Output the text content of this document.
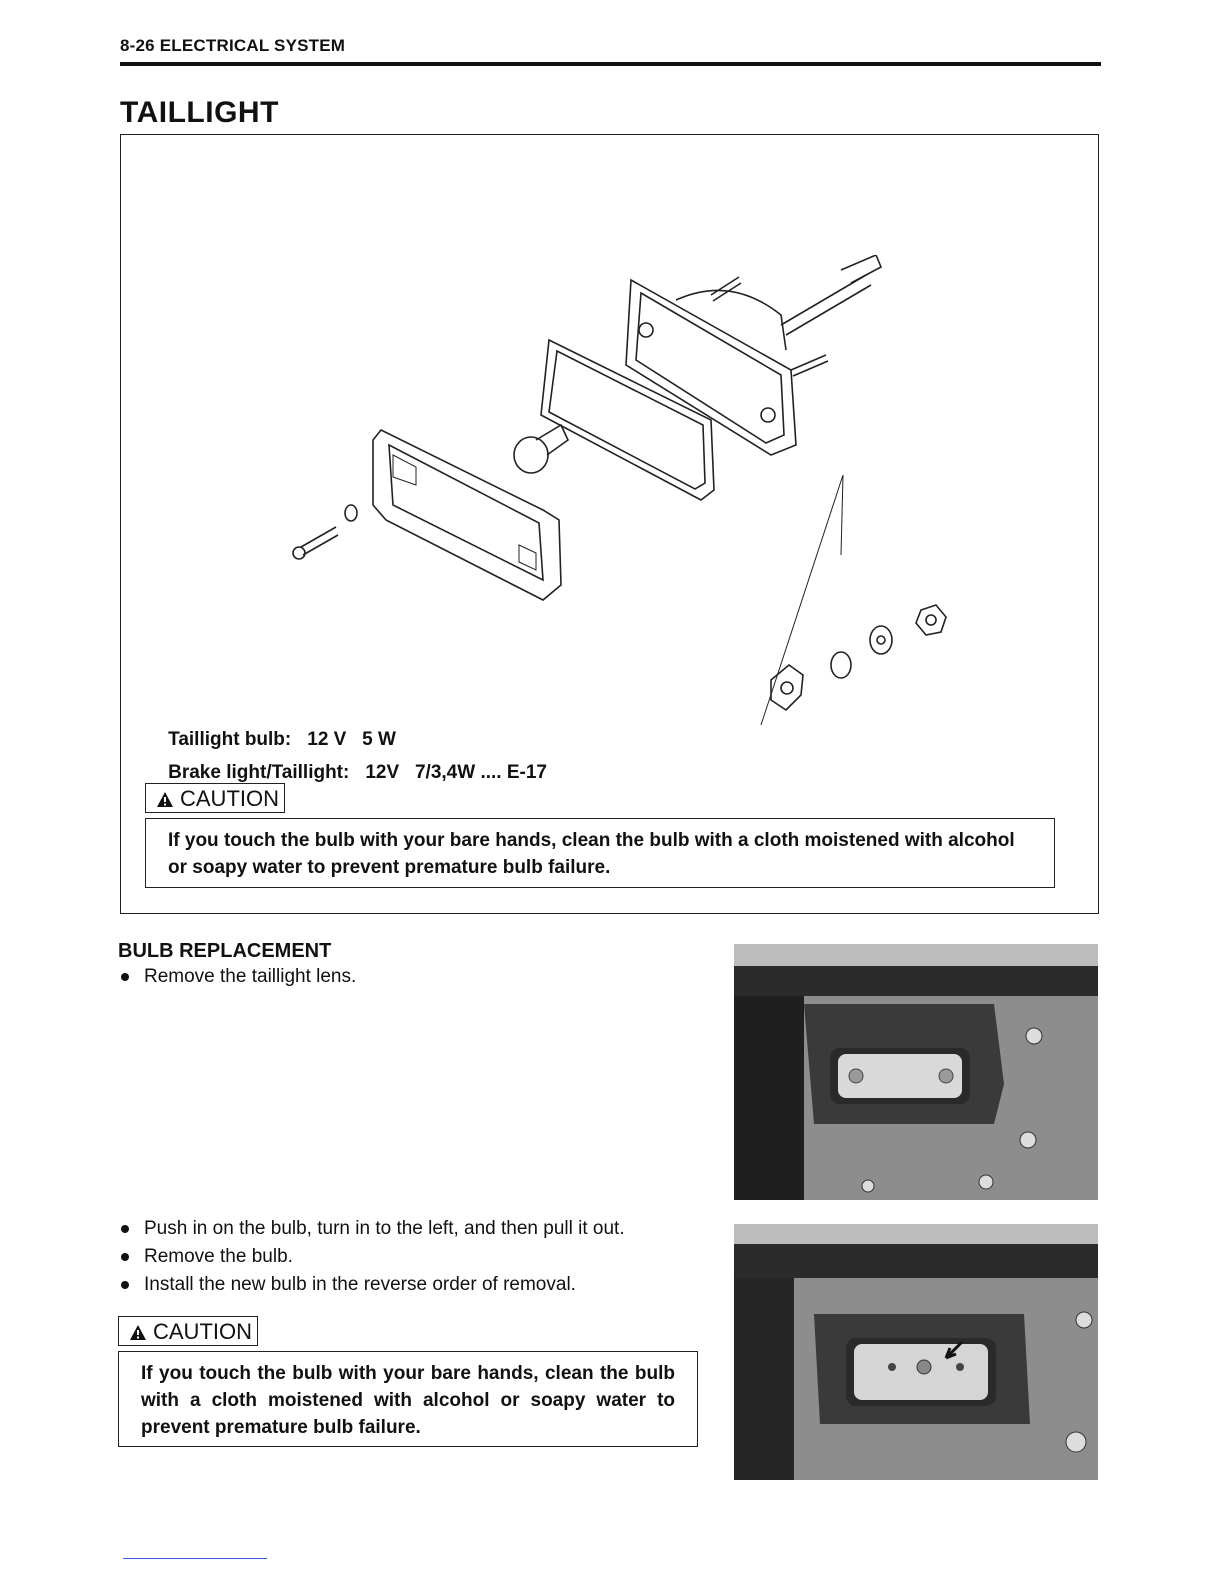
8-26 ELECTRICAL SYSTEM
TAILLIGHT

Taillight bulb: 12 V   5 W

Brake light/Taillight: 12V   7/3,4W .... E-17

CAUTION
If you touch the bulb with your bare hands, clean the bulb with a cloth moistened with alcohol or soapy water to prevent premature bulb failure.
BULB REPLACEMENT
Remove the taillight lens.
Push in on the bulb, turn in to the left, and then pull it out.
Remove the bulb.
Install the new bulb in the reverse order of removal.
CAUTION
If you touch the bulb with your bare hands, clean the bulb with a cloth moistened with alcohol or soapy water to prevent premature bulb failure.
